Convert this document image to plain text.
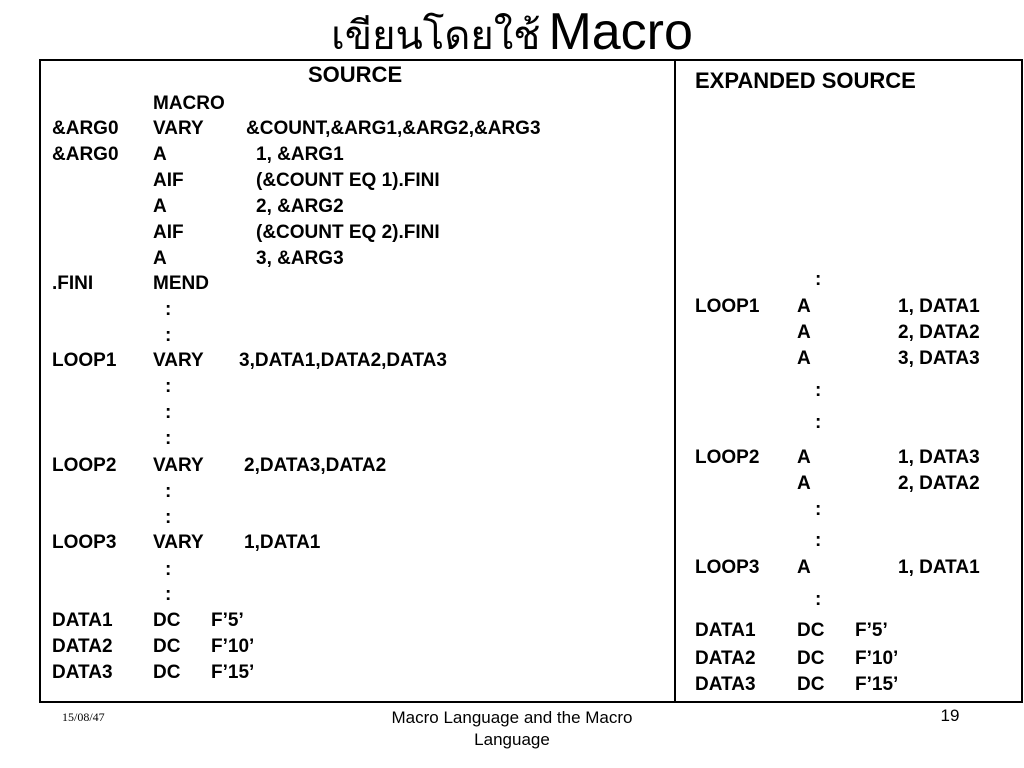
เขียนโดยใช้ Macro
SOURCE	EXPANDED SOURCE
MACRO
&ARG0 VARY &COUNT,&ARG1,&ARG2,&ARG3
&ARG0 A	1, &ARG1
AIF	(&COUNT EQ 1).FINI
A	2, &ARG2
AIF	(&COUNT EQ 2).FINI
A	3, &ARG3
.FINI	MEND
:
:
LOOP1 VARY 3,DATA1,DATA2,DATA3
:
:
:
LOOP2 VARY 2,DATA3,DATA2
:
:
LOOP3 VARY 1,DATA1
:
:
DATA1 DC F’5’
DATA2 DC F’10’
DATA3 DC F’15’
:
LOOP1 A	1, DATA1
A	2, DATA2
A	3, DATA3
:
:
LOOP2 A	1, DATA3
A	2, DATA2
:
:
LOOP3 A	1, DATA1
:
DATA1 DC F’5’
DATA2 DC F’10’
DATA3 DC F’15’
15/08/47	Macro Language and the Macro Language
19
